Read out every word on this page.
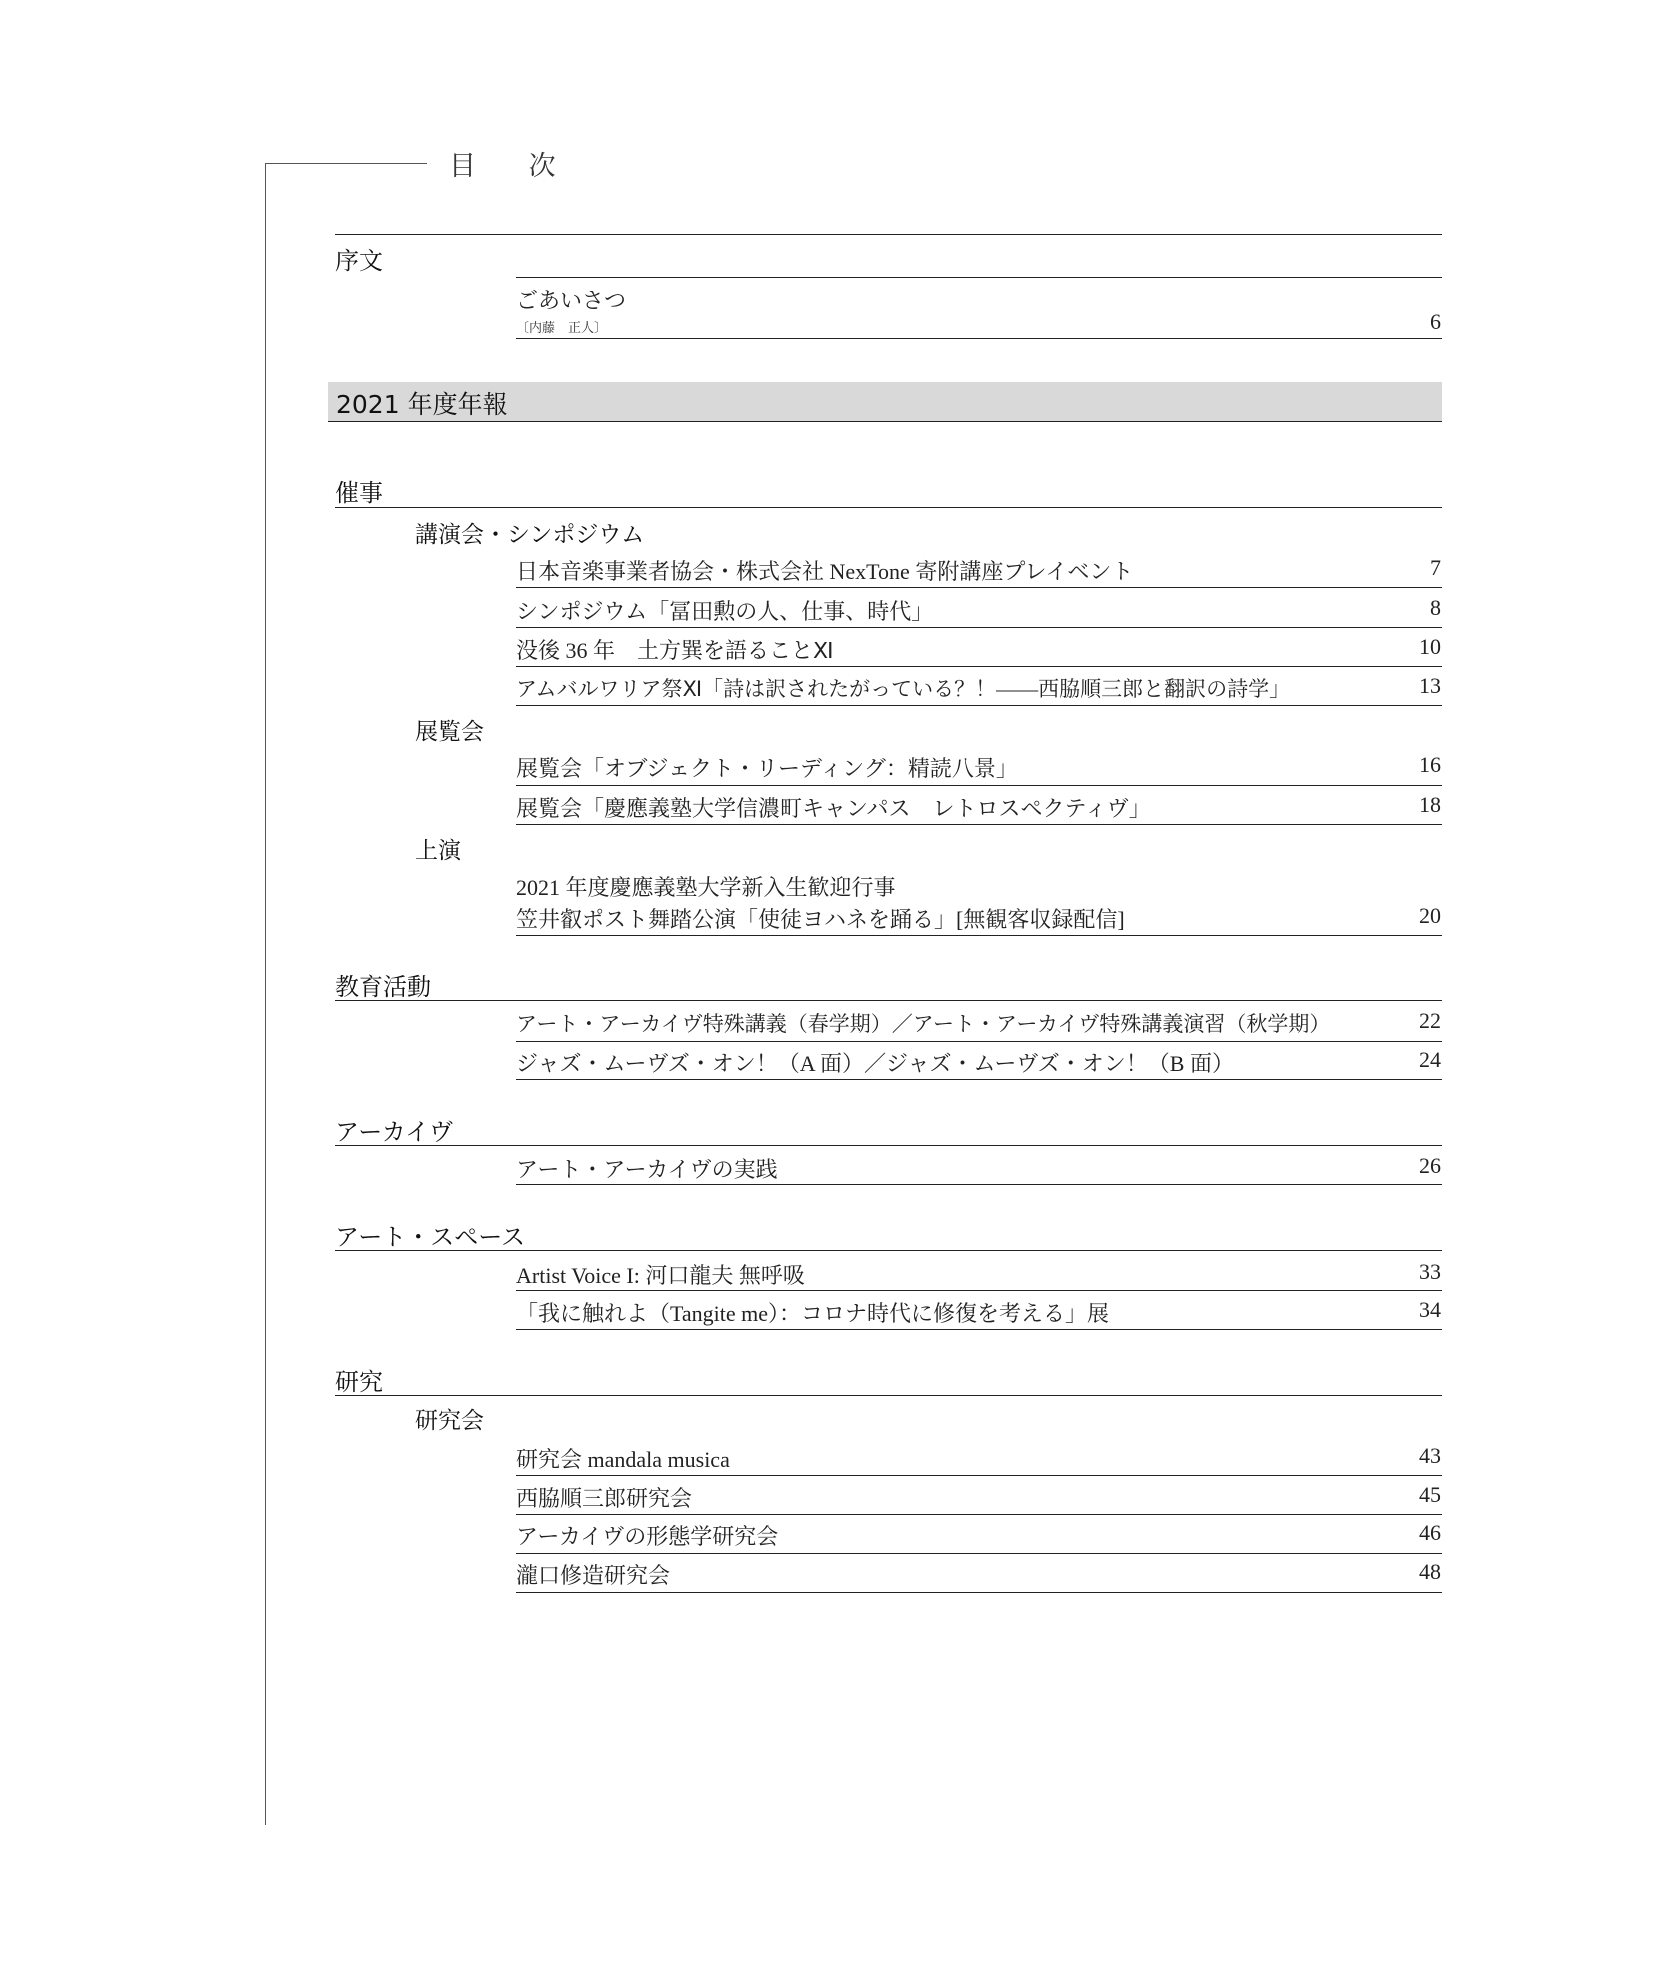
目 次
序文
ごあいさつ
〔内藤　正人〕	6
2021 年度年報
催事
講演会・シンポジウム
日本音楽事業者協会・株式会社 NexTone 寄附講座プレイベント	7
シンポジウム「冨田勲の人、仕事、時代」	8
没後 36 年　土方巽を語ることⅪ	10
アムバルワリア祭Ⅺ「詩は訳されたがっている？！――西脇順三郎と翻訳の詩学」	13
展覧会
展覧会「オブジェクト・リーディング：精読八景」	16
展覧会「慶應義塾大学信濃町キャンパス　レトロスペクティヴ」	18
上演
2021 年度慶應義塾大学新入生歓迎行事
笠井叡ポスト舞踏公演「使徒ヨハネを踊る」[無観客収録配信]	20
教育活動
アート・アーカイヴ特殊講義（春学期）／アート・アーカイヴ特殊講義演習（秋学期）	22
ジャズ・ムーヴズ・オン！（A 面）／ジャズ・ムーヴズ・オン！（B 面）	24
アーカイヴ
アート・アーカイヴの実践	26
アート・スペース
Artist Voice I: 河口龍夫 無呼吸	33
「我に触れよ（Tangite me）：コロナ時代に修復を考える」展	34
研究
研究会
研究会 mandala musica	43
西脇順三郎研究会	45
アーカイヴの形態学研究会	46
瀧口修造研究会	48
